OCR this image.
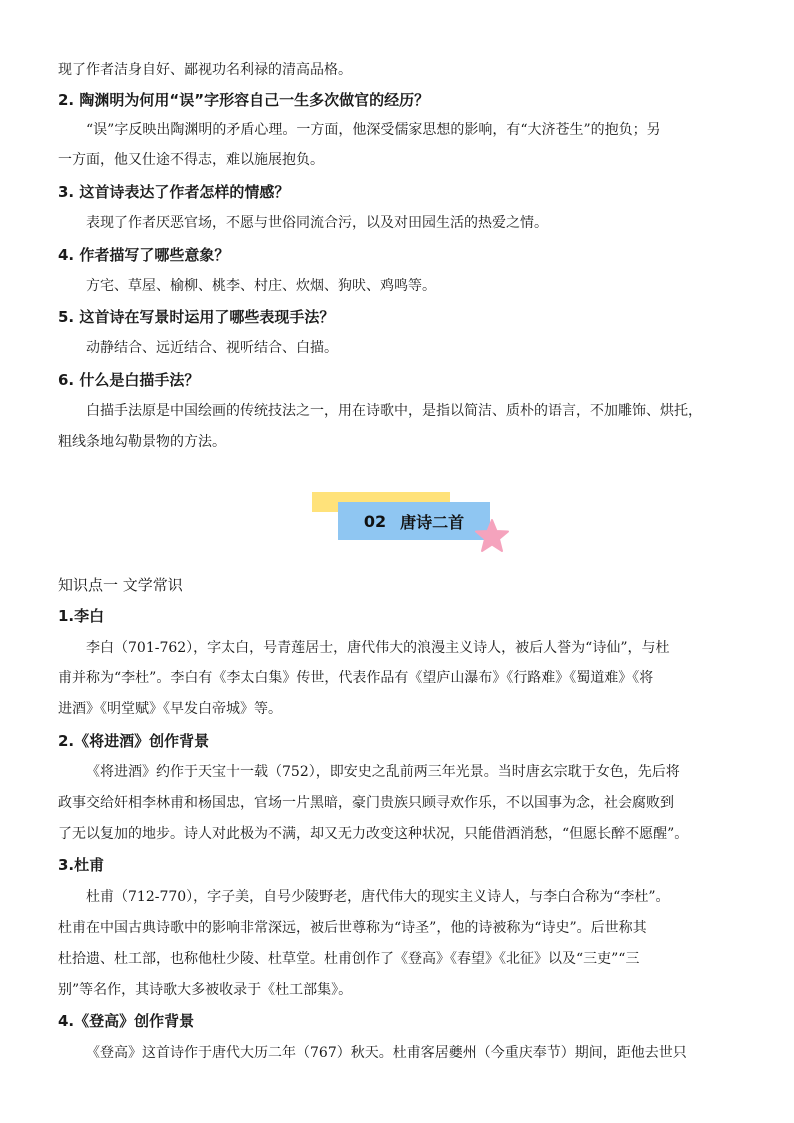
现了作者洁身自好、鄙视功名利禄的清高品格。
2. 陶渊明为何用“误”字形容自己一生多次做官的经历？
“误”字反映出陶渊明的矛盾心理。一方面，他深受儒家思想的影响，有“大济苍生”的抱负；另
一方面，他又仕途不得志，难以施展抱负。
3. 这首诗表达了作者怎样的情感？
表现了作者厌恶官场，不愿与世俗同流合污，以及对田园生活的热爱之情。
4. 作者描写了哪些意象？
方宅、草屋、榆柳、桃李、村庄、炊烟、狗吠、鸡鸣等。
5. 这首诗在写景时运用了哪些表现手法？
动静结合、远近结合、视听结合、白描。
6. 什么是白描手法？
白描手法原是中国绘画的传统技法之一，用在诗歌中，是指以简洁、质朴的语言，不加雕饰、烘托，
粗线条地勾勒景物的方法。
02 唐诗二首
知识点一 文学常识
1.李白
李白（701-762），字太白，号青莲居士，唐代伟大的浪漫主义诗人，被后人誉为“诗仙”，与杜
甫并称为“李杜”。李白有《李太白集》传世，代表作品有《望庐山瀑布》《行路难》《蜀道难》《将
进酒》《明堂赋》《早发白帝城》等。
2.《将进酒》创作背景
《将进酒》约作于天宝十一载（752），即安史之乱前两三年光景。当时唐玄宗耽于女色，先后将
政事交给奸相李林甫和杨国忠，官场一片黑暗，豪门贵族只顾寻欢作乐，不以国事为念，社会腐败到
了无以复加的地步。诗人对此极为不满，却又无力改变这种状况，只能借酒消愁，“但愿长醉不愿醒”。
3.杜甫
杜甫（712-770），字子美，自号少陵野老，唐代伟大的现实主义诗人，与李白合称为“李杜”。
杜甫在中国古典诗歌中的影响非常深远，被后世尊称为“诗圣”，他的诗被称为“诗史”。后世称其
杜拾遗、杜工部，也称他杜少陵、杜草堂。杜甫创作了《登高》《春望》《北征》以及“三吏”“三
别”等名作，其诗歌大多被收录于《杜工部集》。
4.《登高》创作背景
《登高》这首诗作于唐代大历二年（767）秋天。杜甫客居夔州（今重庆奉节）期间，距他去世只
